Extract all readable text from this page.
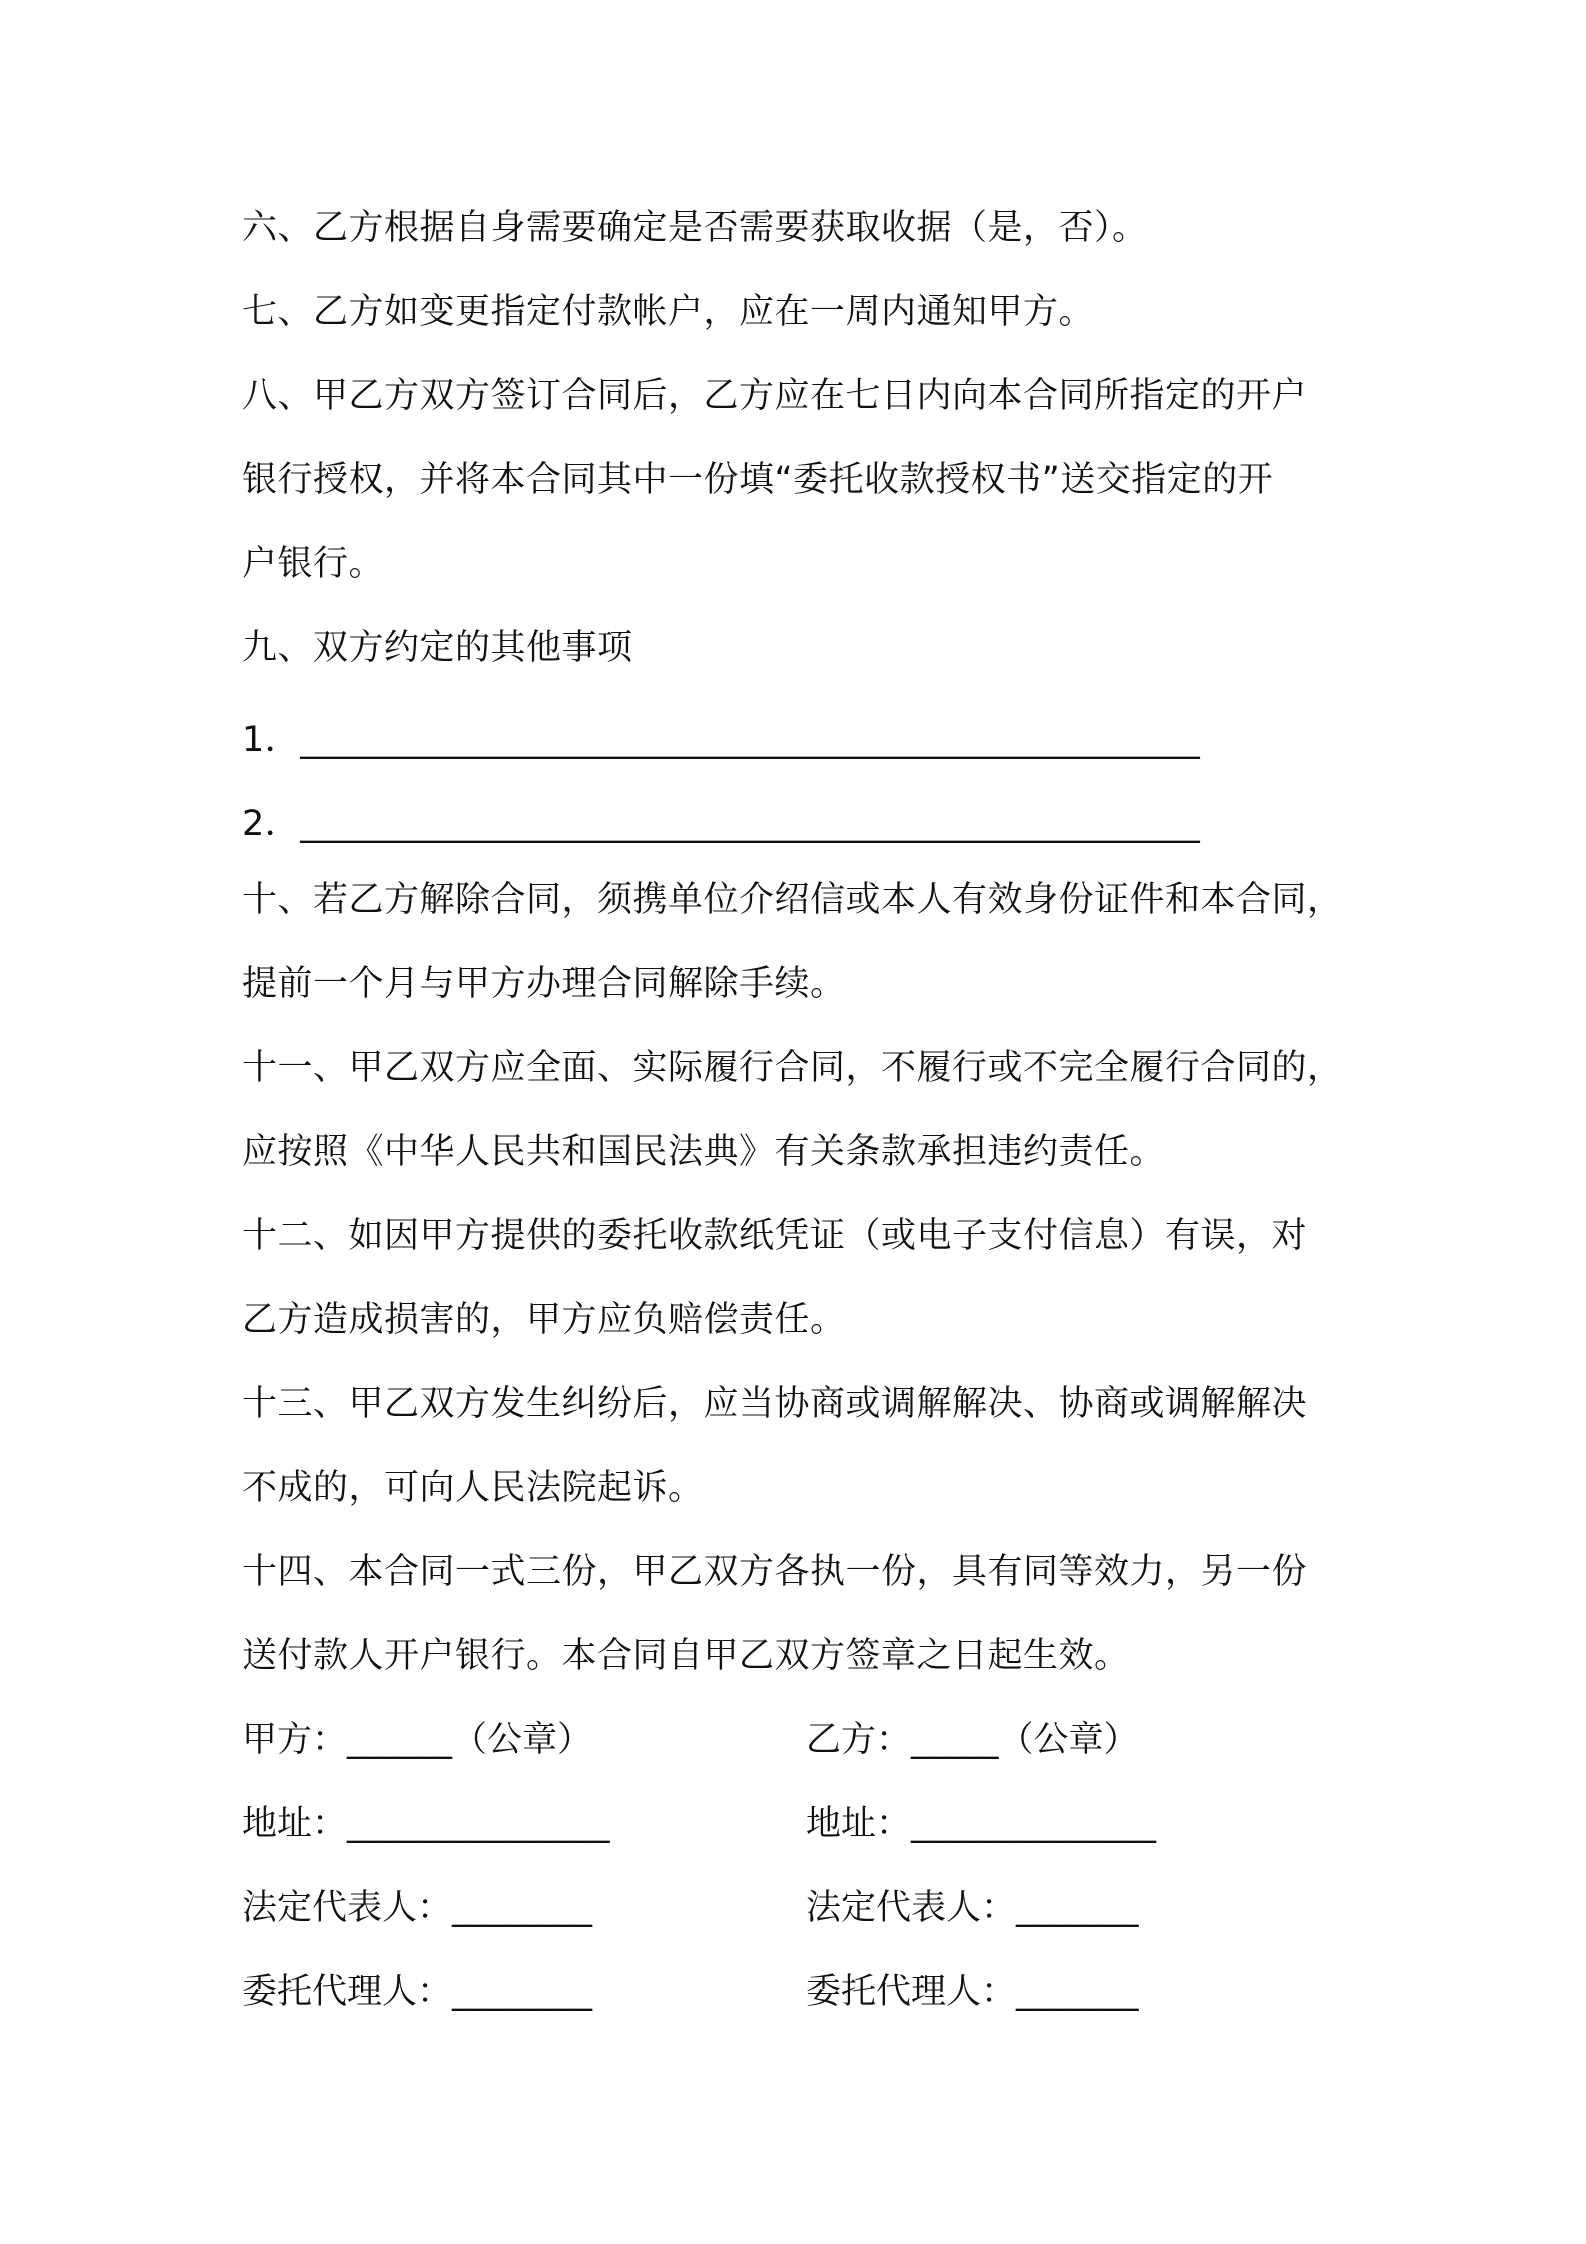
六、乙方根据自身需要确定是否需要获取收据（是，否）。
七、乙方如变更指定付款帐户，应在一周内通知甲方。
八、甲乙方双方签订合同后，乙方应在七日内向本合同所指定的开户
银行授权，并将本合同其中一份填“委托收款授权书”送交指定的开
户银行。
九、双方约定的其他事项
1．__________________________________________________
2．__________________________________________________
十、若乙方解除合同，须携单位介绍信或本人有效身份证件和本合同，
提前一个月与甲方办理合同解除手续。
十一、甲乙双方应全面、实际履行合同，不履行或不完全履行合同的，
应按照《中华人民共和国民法典》有关条款承担违约责任。
十二、如因甲方提供的委托收款纸凭证（或电子支付信息）有误，对
乙方造成损害的，甲方应负赔偿责任。
十三、甲乙双方发生纠纷后，应当协商或调解解决、协商或调解解决
不成的，可向人民法院起诉。
十四、本合同一式三份，甲乙双方各执一份，具有同等效力，另一份
送付款人开户银行。本合同自甲乙双方签章之日起生效。
甲方：______（公章）	乙方：_____（公章）
地址：_______________	地址：______________
法定代表人：________	法定代表人：_______
委托代理人：________	委托代理人：_______
